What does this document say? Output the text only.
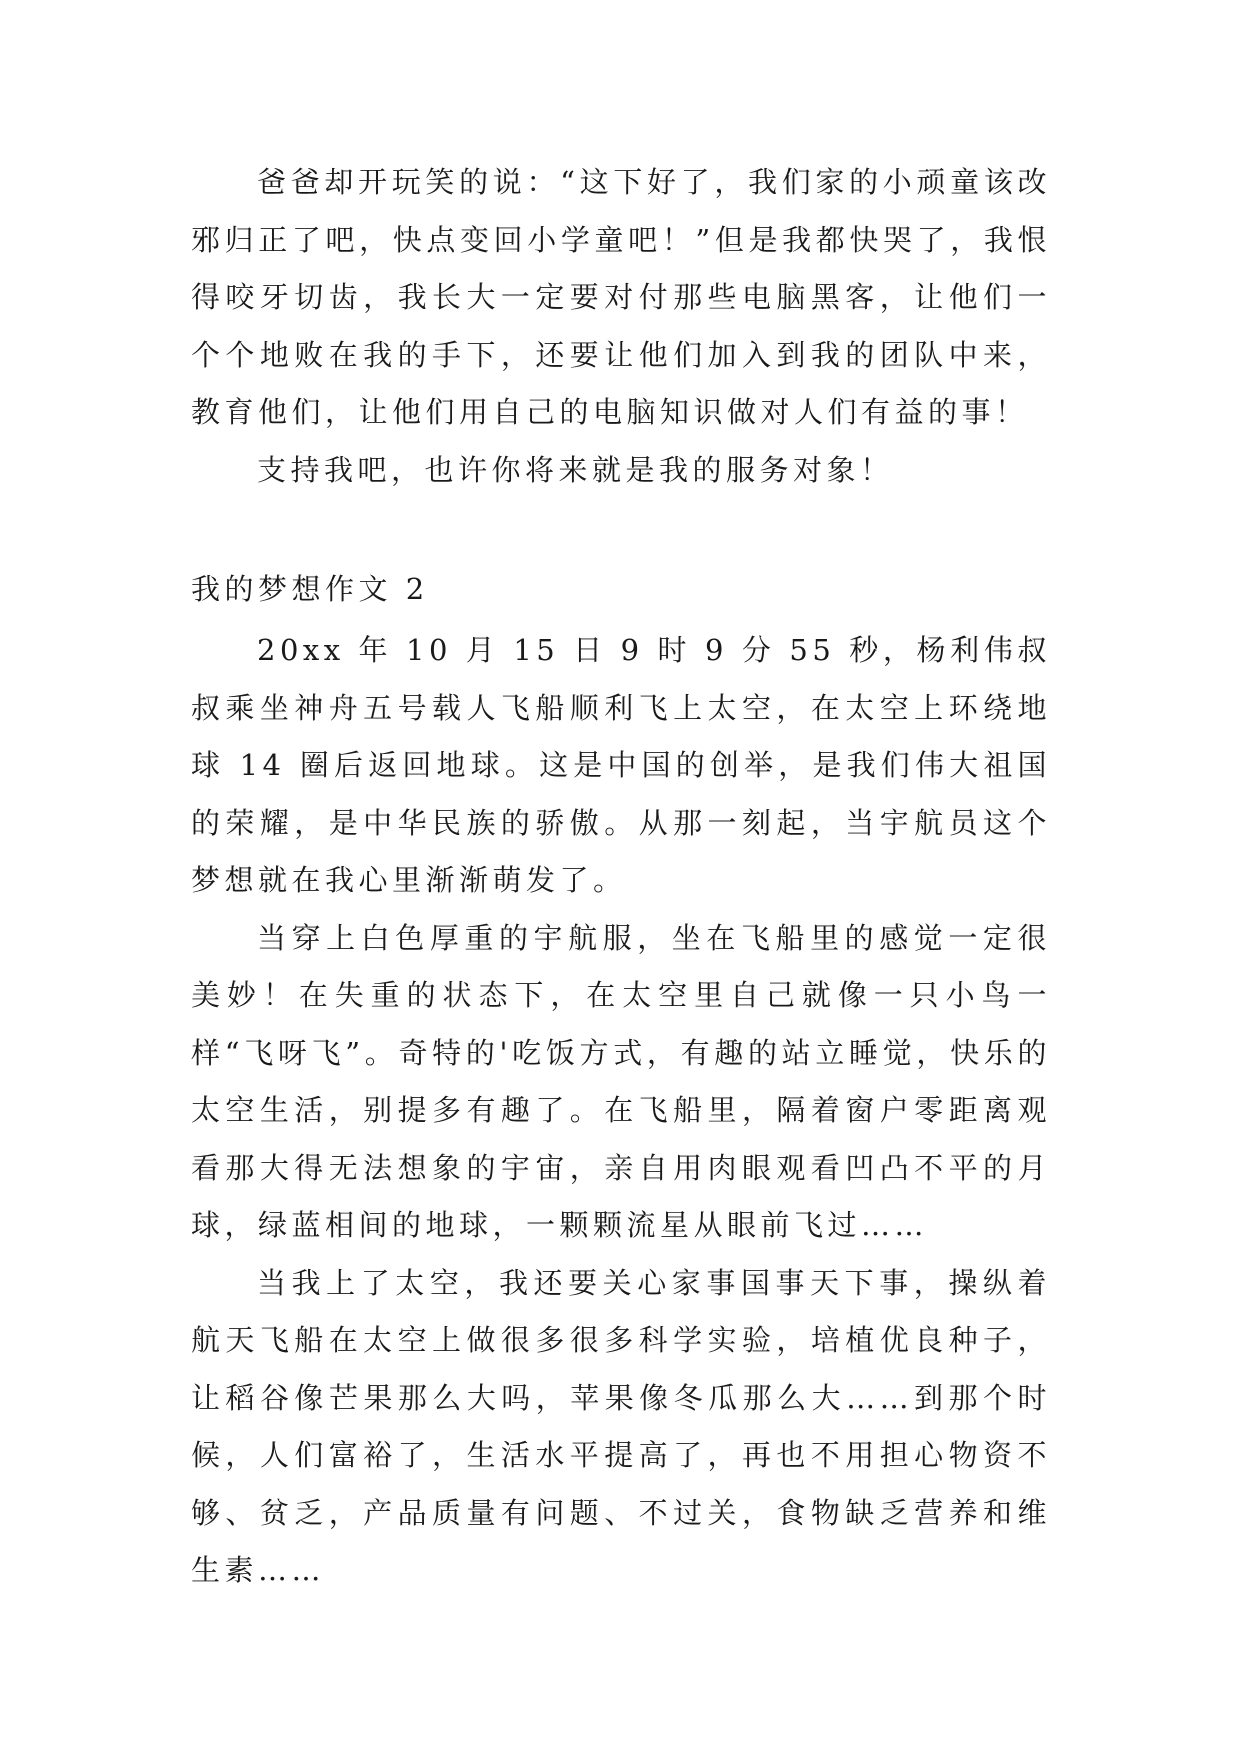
爸爸却开玩笑的说：“这下好了，我们家的小顽童该改邪归正了吧，快点变回小学童吧！”但是我都快哭了，我恨得咬牙切齿，我长大一定要对付那些电脑黑客，让他们一个个地败在我的手下，还要让他们加入到我的团队中来，教育他们，让他们用自己的电脑知识做对人们有益的事！

支持我吧，也许你将来就是我的服务对象！

我的梦想作文 2

20xx 年 10 月 15 日 9 时 9 分 55 秒，杨利伟叔叔乘坐神舟五号载人飞船顺利飞上太空，在太空上环绕地球 14 圈后返回地球。这是中国的创举，是我们伟大祖国的荣耀，是中华民族的骄傲。从那一刻起，当宇航员这个梦想就在我心里渐渐萌发了。

当穿上白色厚重的宇航服，坐在飞船里的感觉一定很美妙！在失重的状态下，在太空里自己就像一只小鸟一样“飞呀飞”。奇特的'吃饭方式，有趣的站立睡觉，快乐的太空生活，别提多有趣了。在飞船里，隔着窗户零距离观看那大得无法想象的宇宙，亲自用肉眼观看凹凸不平的月球，绿蓝相间的地球，一颗颗流星从眼前飞过……

当我上了太空，我还要关心家事国事天下事，操纵着航天飞船在太空上做很多很多科学实验，培植优良种子，让稻谷像芒果那么大吗，苹果像冬瓜那么大……到那个时候，人们富裕了，生活水平提高了，再也不用担心物资不够、贫乏，产品质量有问题、不过关，食物缺乏营养和维生素……
